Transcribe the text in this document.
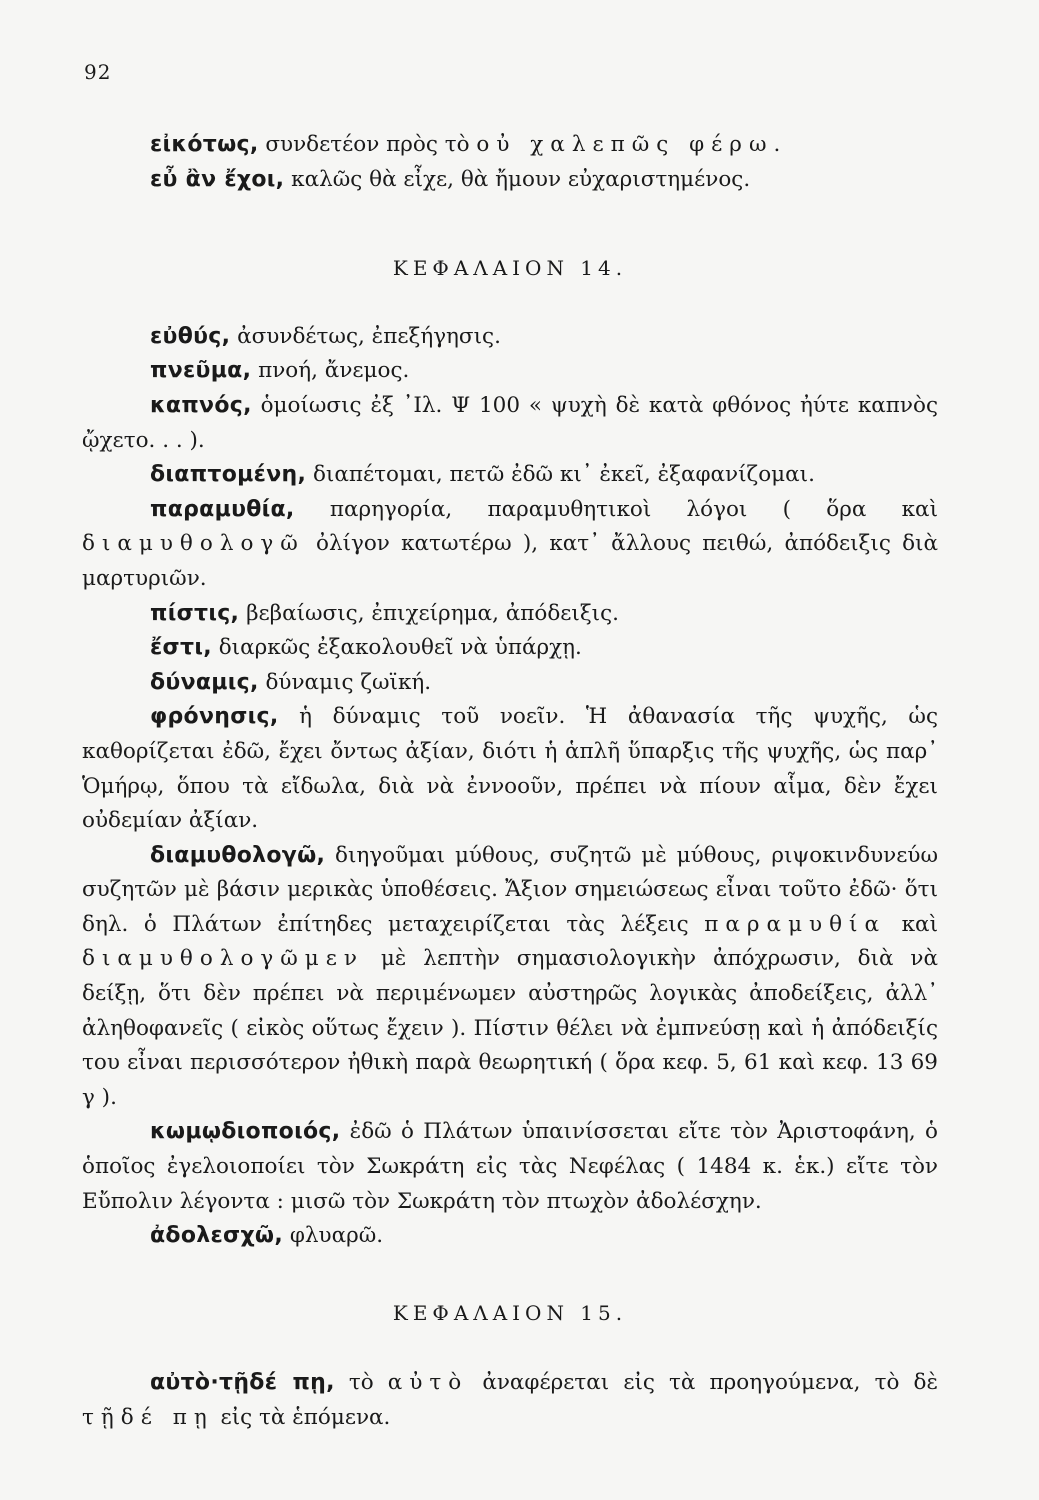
92

εἰκότως, συνδετέον πρὸς τὸ οὐ χαλεπῶς φέρω.

εὖ ἂν ἔχοι, καλῶς θὰ εἶχε, θὰ ἤμουν εὐχαριστημένος.

ΚΕΦΑΛΑΙΟΝ 14.

εὐθύς, ἀσυνδέτως, ἐπεξήγησις.

πνεῦμα, πνοή, ἄνεμος.

καπνός, ὁμοίωσις ἐξ ᾿Ιλ. Ψ 100 « ψυχὴ δὲ κατὰ φθόνος ἠύτε καπνὸς ᾤχετο. . . ).

διαπτομένη, διαπέτομαι, πετῶ ἐδῶ κι᾿ ἐκεῖ, ἐξαφανίζομαι.

παραμυθία, παρηγορία, παραμυθητικοὶ λόγοι ( ὅρα καὶ διαμυθολογῶ ὀλίγον κατωτέρω ), κατ᾿ ἄλλους πειθώ, ἀπόδειξις διὰ μαρτυριῶν.

πίστις, βεβαίωσις, ἐπιχείρημα, ἀπόδειξις.

ἔστι, διαρκῶς ἐξακολουθεῖ νὰ ὑπάρχῃ.

δύναμις, δύναμις ζωϊκή.

φρόνησις, ἡ δύναμις τοῦ νοεῖν. Ἡ ἀθανασία τῆς ψυχῆς, ὡς καθορίζεται ἐδῶ, ἔχει ὄντως ἀξίαν, διότι ἡ ἁπλῆ ὕπαρξις τῆς ψυχῆς, ὡς παρ᾿ Ὁμήρῳ, ὅπου τὰ εἴδωλα, διὰ νὰ ἐννοοῦν, πρέπει νὰ πίουν αἷμα, δὲν ἔχει οὐδεμίαν ἀξίαν.

διαμυθολογῶ, διηγοῦμαι μύθους, συζητῶ μὲ μύθους, ριψοκινδυνεύω συζητῶν μὲ βάσιν μερικὰς ὑποθέσεις. Ἄξιον σημειώσεως εἶναι τοῦτο ἐδῶ· ὅτι δηλ. ὁ Πλάτων ἐπίτηδες μεταχειρίζεται τὰς λέξεις παραμυθία καὶ διαμυθολογῶμεν μὲ λεπτὴν σημασιολογικὴν ἀπόχρωσιν, διὰ νὰ δείξῃ, ὅτι δὲν πρέπει νὰ περιμένωμεν αὐστηρῶς λογικὰς ἀποδείξεις, ἀλλ᾿ ἀληθοφανεῖς ( εἰκὸς οὕτως ἔχειν ). Πίστιν θέλει νὰ ἐμπνεύσῃ καὶ ἡ ἀπόδειξίς του εἶναι περισσότερον ἠθικὴ παρὰ θεωρητική ( ὅρα κεφ. 5, 61 καὶ κεφ. 13 69 γ ).

κωμῳδιοποιός, ἐδῶ ὁ Πλάτων ὑπαινίσσεται εἴτε τὸν Ἀριστοφάνη, ὁ ὁποῖος ἐγελοιοποίει τὸν Σωκράτη εἰς τὰς Νεφέλας ( 1484 κ. ἑκ.) εἴτε τὸν Εὔπολιν λέγοντα : μισῶ τὸν Σωκράτη τὸν πτωχὸν ἀδολέσχην.

ἀδολεσχῶ, φλυαρῶ.

ΚΕΦΑΛΑΙΟΝ 15.

αὐτὸ·τῇδέ πῃ, τὸ αὐτὸ ἀναφέρεται εἰς τὰ προηγούμενα, τὸ δὲ τῇδέ πῃ εἰς τὰ ἑπόμενα.
